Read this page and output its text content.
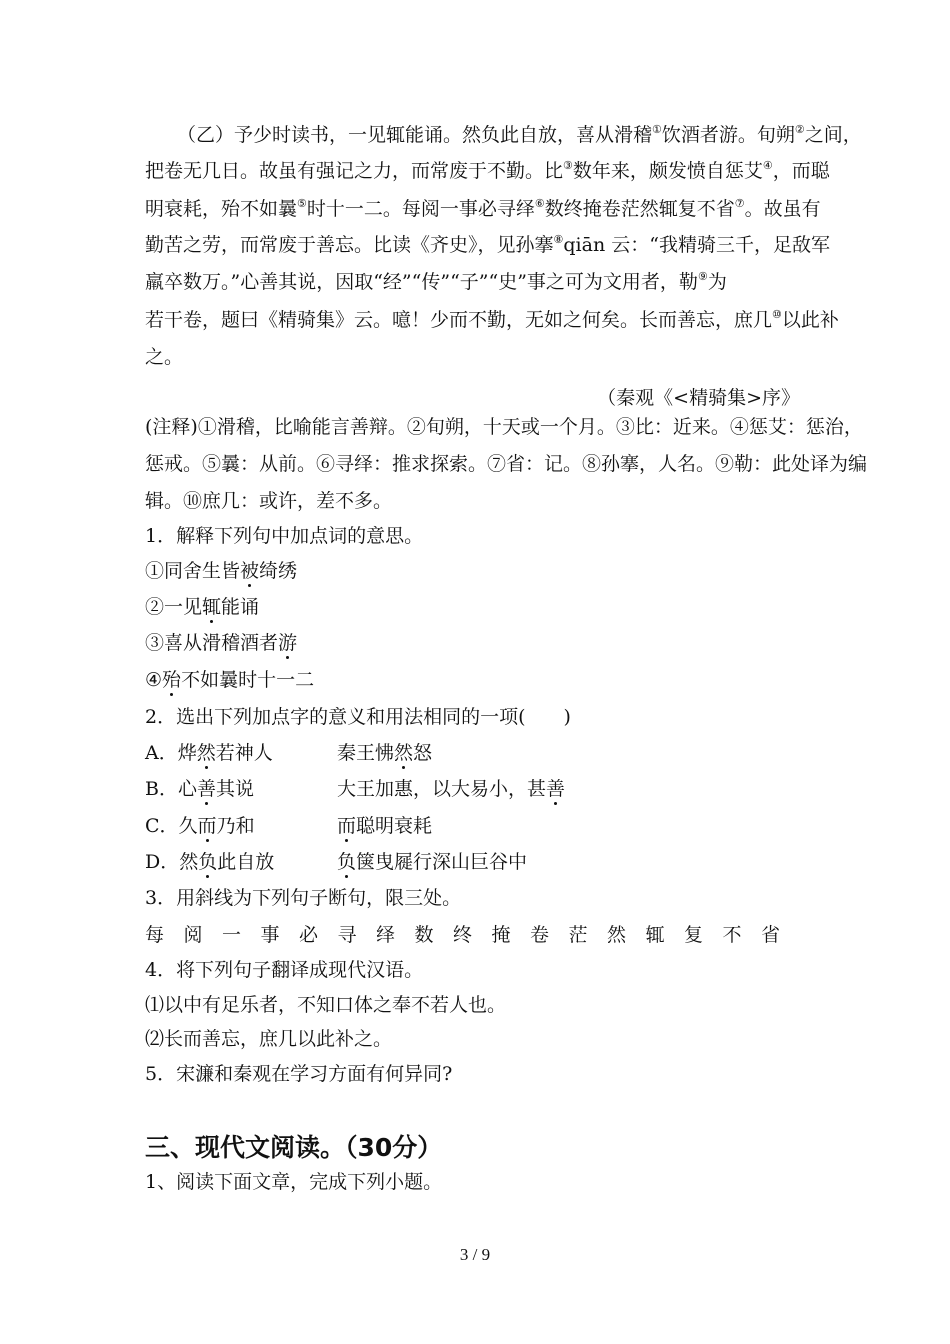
（乙）予少时读书，一见辄能诵。然负此自放，喜从滑稽①饮酒者游。旬朔②之间，
把卷无几日。故虽有强记之力，而常废于不勤。比③数年来，颇发愤自惩艾④，而聪
明衰耗，殆不如曩⑤时十一二。每阅一事必寻绎⑥数终掩卷茫然辄复不省⑦。故虽有
勤苦之劳，而常废于善忘。比读《齐史》，见孙搴⑧qiān 云：“我精骑三千，足敌军
羸卒数万。”心善其说，因取“经”“传”“子”“史”事之可为文用者，勒⑨为
若干卷，题曰《精骑集》云。噫！少而不勤，无如之何矣。长而善忘，庶几⑩以此补
之。
（秦观《<精骑集>序》
(注释)①滑稽，比喻能言善辩。②旬朔，十天或一个月。③比：近来。④惩艾：惩治，
惩戒。⑤曩：从前。⑥寻绎：推求探索。⑦省：记。⑧孙搴，人名。⑨勒：此处译为编
辑。⑩庶几：或许，差不多。
1．解释下列句中加点词的意思。
①同舍生皆被绮绣
②一见辄能诵
③喜从滑稽酒者游
④殆不如曩时十一二
2．选出下列加点字的意义和用法相同的一项(　　)
A．烨然若神人	秦王怫然怒
B．心善其说	大王加惠，以大易小，甚善
C．久而乃和	而聪明衰耗
D．然负此自放	负箧曳屣行深山巨谷中
3．用斜线为下列句子断句，限三处。
每 阅 一 事 必 寻 绎 数 终 掩 卷 茫 然 辄 复 不 省
4．将下列句子翻译成现代汉语。
⑴以中有足乐者，不知口体之奉不若人也。
⑵长而善忘，庶几以此补之。
5．宋濂和秦观在学习方面有何异同?
三、现代文阅读。（30分）
1、阅读下面文章，完成下列小题。
3 / 9
